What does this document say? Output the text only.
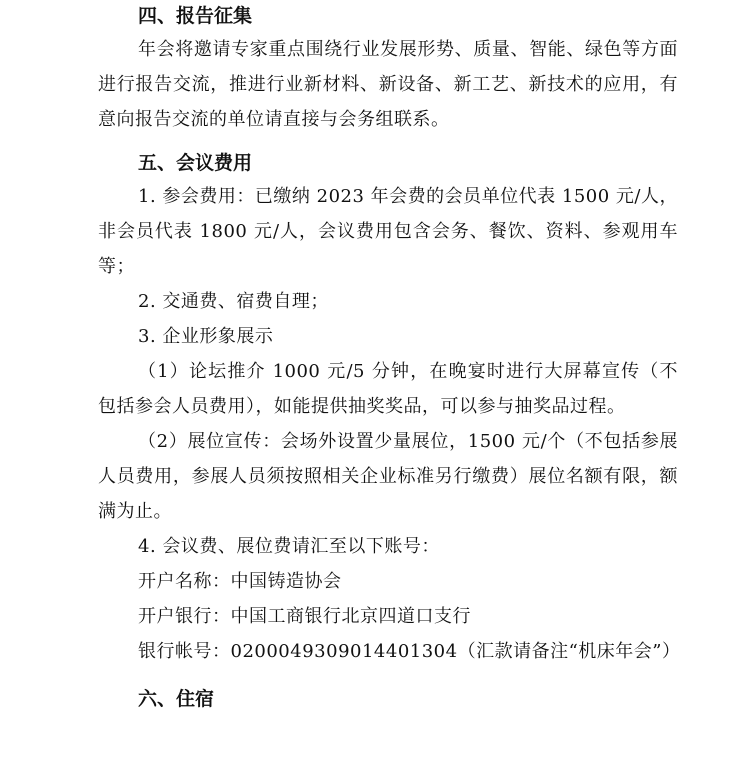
四、报告征集

年会将邀请专家重点围绕行业发展形势、质量、智能、绿色等方面进行报告交流，推进行业新材料、新设备、新工艺、新技术的应用，有意向报告交流的单位请直接与会务组联系。

五、会议费用

1. 参会费用：已缴纳 2023 年会费的会员单位代表 1500 元/人，非会员代表 1800 元/人，会议费用包含会务、餐饮、资料、参观用车等；

2. 交通费、宿费自理；

3. 企业形象展示

（1）论坛推介 1000 元/5 分钟，在晚宴时进行大屏幕宣传（不包括参会人员费用），如能提供抽奖奖品，可以参与抽奖品过程。

（2）展位宣传：会场外设置少量展位，1500 元/个（不包括参展人员费用，参展人员须按照相关企业标准另行缴费）展位名额有限，额满为止。

4. 会议费、展位费请汇至以下账号：

开户名称：中国铸造协会

开户银行：中国工商银行北京四道口支行

银行帐号：0200049309014401304（汇款请备注“机床年会”）

六、住宿
